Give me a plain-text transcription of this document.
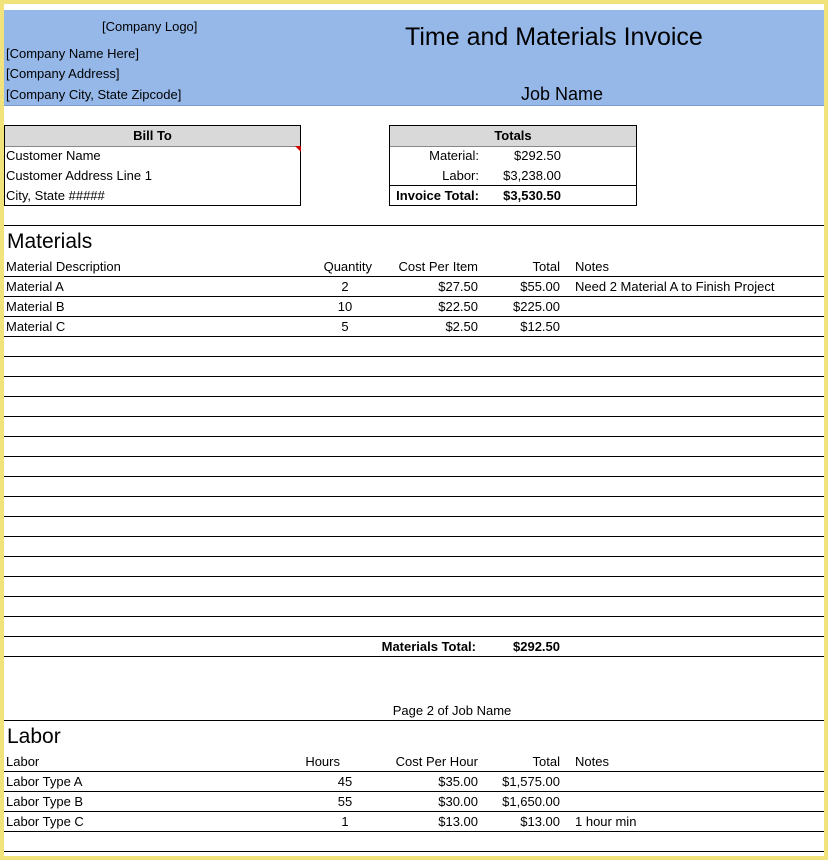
[Company Logo]
[Company Name Here]
[Company Address]
[Company City, State Zipcode]
Time and Materials Invoice
Job Name
Bill To
Customer Name
Customer Address Line 1
City, State #####
Totals
Material:	$292.50
Labor:	$3,238.00
Invoice Total:	$3,530.50
Materials
Material Description	Quantity	Cost Per Item	Total Notes
Material A	2	$27.50	$55.00 Need 2 Material A to Finish Project
Material B	10	$22.50	$225.00
Material C	5	$2.50	$12.50
Materials Total:	$292.50
Page 2 of Job Name
Labor
Labor	Hours	Cost Per Hour	Total Notes
Labor Type A	45	$35.00	$1,575.00
Labor Type B	55	$30.00	$1,650.00
Labor Type C	1	$13.00	$13.00 1 hour min
